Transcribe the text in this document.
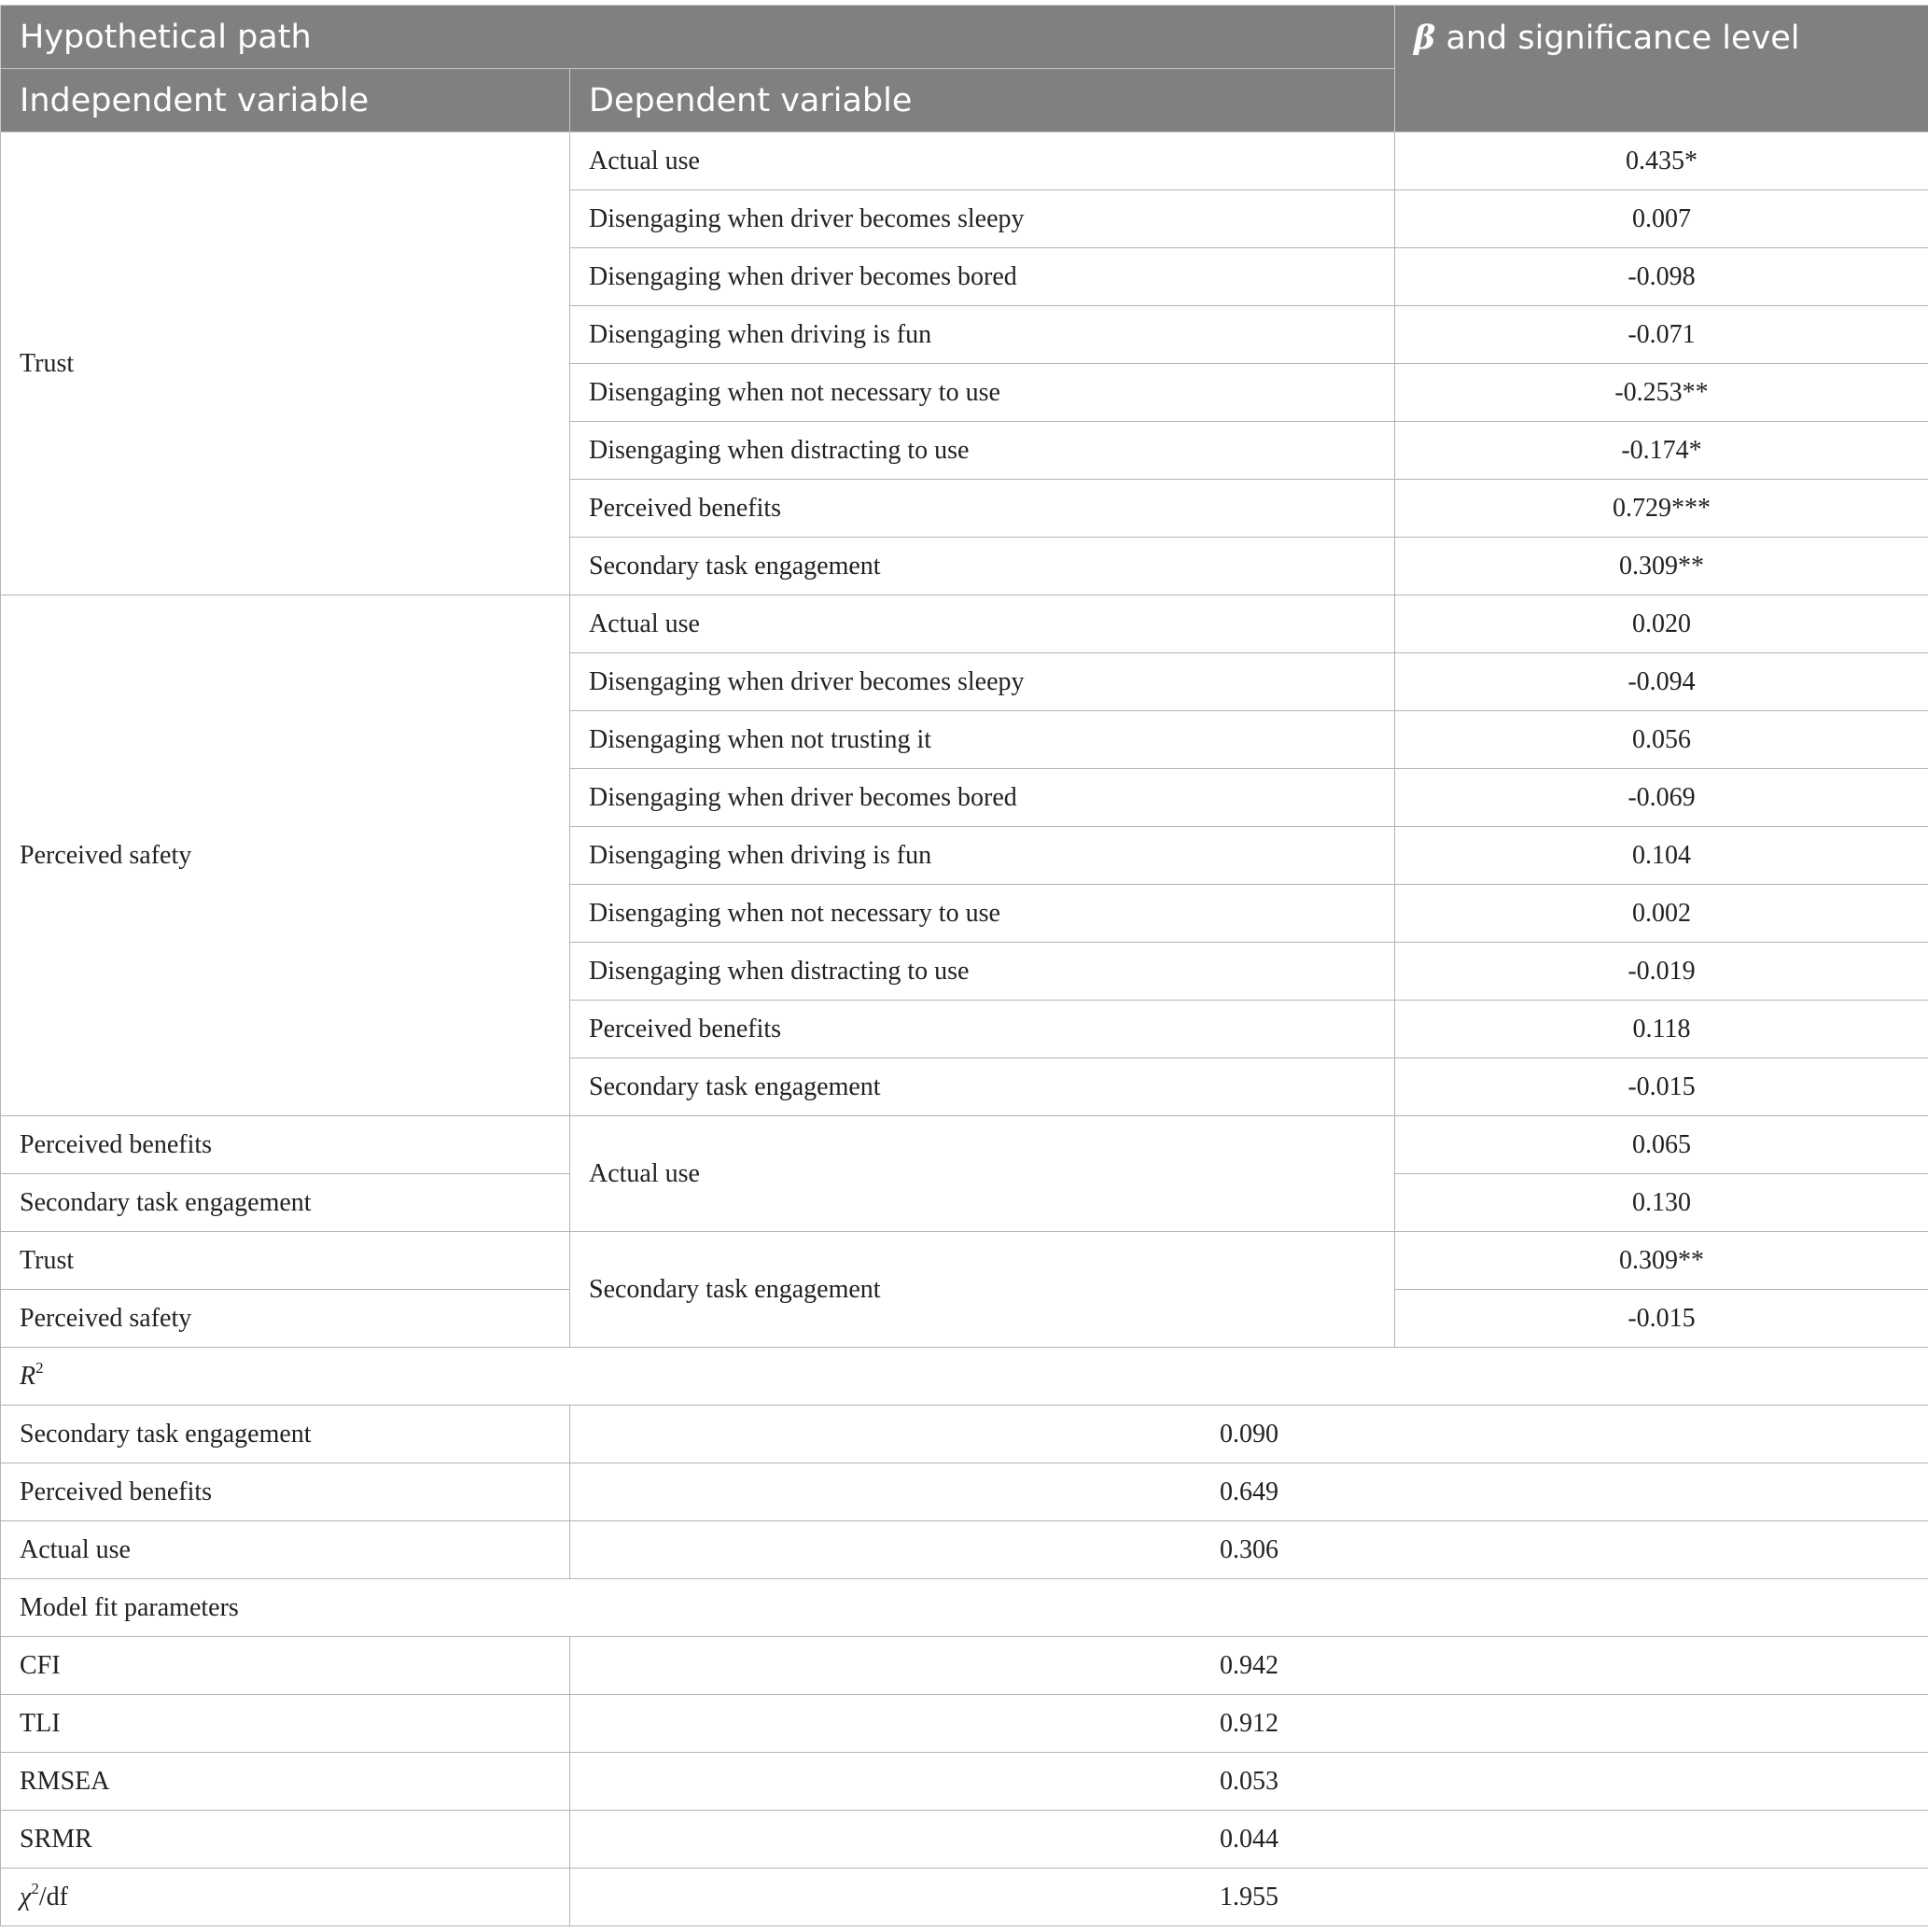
Hypothetical path		β and significance level
Independent variable	Dependent variable	
Trust	Actual use	0.435*
	Disengaging when driver becomes sleepy	0.007
	Disengaging when driver becomes bored	-0.098
	Disengaging when driving is fun	-0.071
	Disengaging when not necessary to use	-0.253**
	Disengaging when distracting to use	-0.174*
	Perceived benefits	0.729***
	Secondary task engagement	0.309**
Perceived safety	Actual use	0.020
	Disengaging when driver becomes sleepy	-0.094
	Disengaging when not trusting it	0.056
	Disengaging when driver becomes bored	-0.069
	Disengaging when driving is fun	0.104
	Disengaging when not necessary to use	0.002
	Disengaging when distracting to use	-0.019
	Perceived benefits	0.118
	Secondary task engagement	-0.015
Perceived benefits	Actual use	0.065
Secondary task engagement		0.130
Trust	Secondary task engagement	0.309**
Perceived safety		-0.015
$R^2$
Secondary task engagement	0.090	
Perceived benefits	0.649	
Actual use	0.306	
Model fit parameters		
CFI	0.942	
TLI	0.912	
RMSEA	0.053	
SRMR	0.044	
$\chi^2/df$	1.955	
